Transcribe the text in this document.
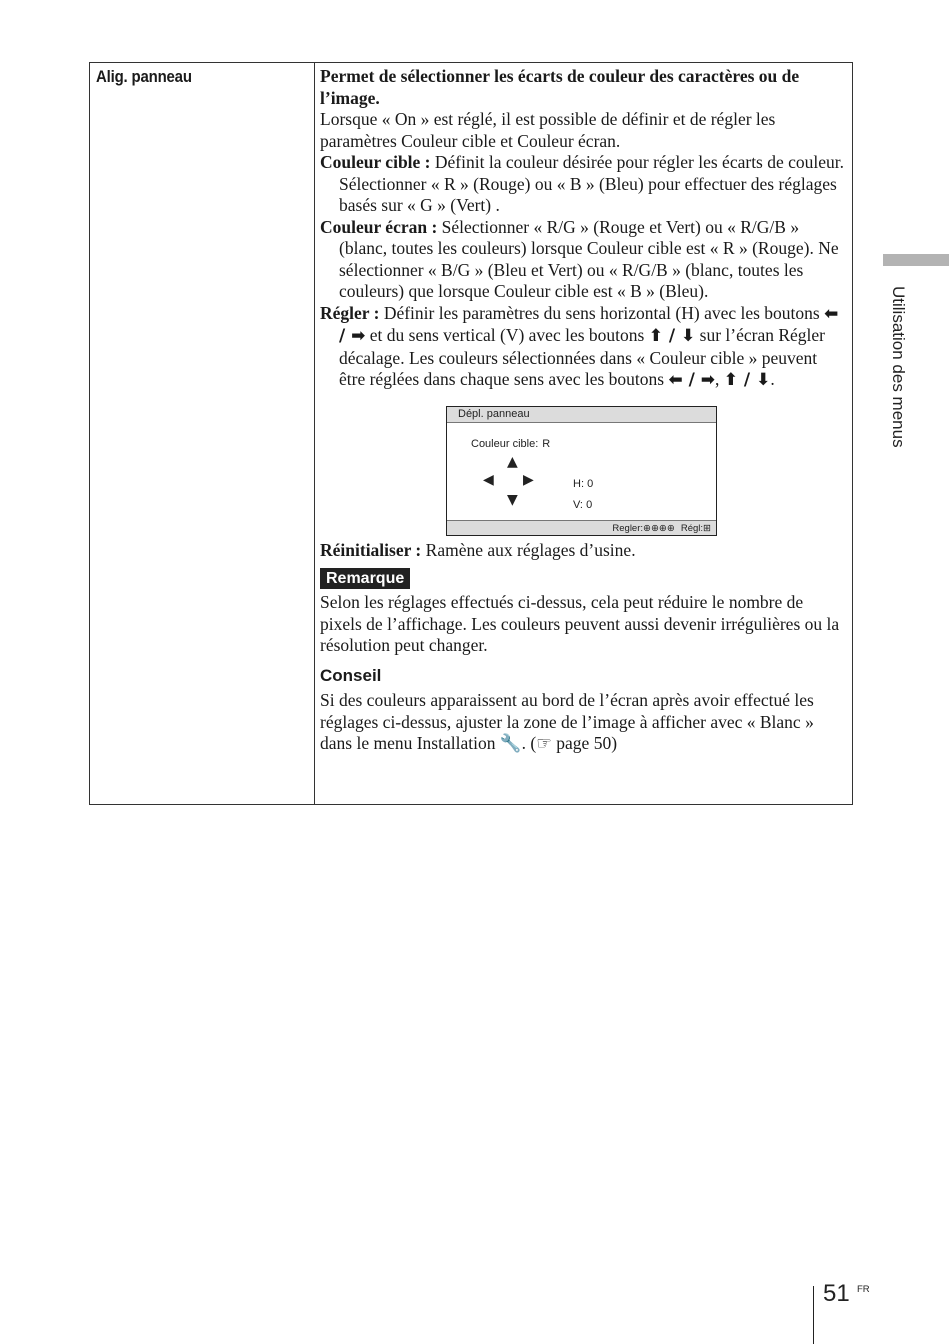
Alig. panneau	Permet de sélectionner les écarts de couleur des caractères ou de l’image.

Lorsque « On » est réglé, il est possible de définir et de régler les paramètres Couleur cible et Couleur écran.

Couleur cible : Définit la couleur désirée pour régler les écarts de couleur. Sélectionner « R » (Rouge) ou « B » (Bleu) pour effectuer des réglages basés sur « G » (Vert) .

Couleur écran : Sélectionner « R/G » (Rouge et Vert) ou « R/G/B » (blanc, toutes les couleurs) lorsque Couleur cible est « R » (Rouge). Ne sélectionner « B/G » (Bleu et Vert) ou « R/G/B » (blanc, toutes les couleurs) que lorsque Couleur cible est « B » (Bleu).

Régler : Définir les paramètres du sens horizontal (H) avec les boutons ⬅ / ➡ et du sens vertical (V) avec les boutons ⬆ / ⬇ sur l’écran Régler décalage. Les couleurs sélectionnées dans « Couleur cible » peuvent être réglées dans chaque sens avec les boutons ⬅ / ➡, ⬆ / ⬇.

Dépl. panneau
Couleur cible: R
▲
◀ ▶
▼
H: 0
V: 0
Regler:⊕⊕⊕⊕ Régl:⊞

Réinitialiser : Ramène aux réglages d’usine.

Remarque

Selon les réglages effectués ci-dessus, cela peut réduire le nombre de pixels de l’affichage. Les couleurs peuvent aussi devenir irrégulières ou la résolution peut changer.

Conseil

Si des couleurs apparaissent au bord de l’écran après avoir effectué les réglages ci-dessus, ajuster la zone de l’image à afficher avec « Blanc » dans le menu Installation 🔧. (☞ page 50)

Utilisation des menus
51 FR
